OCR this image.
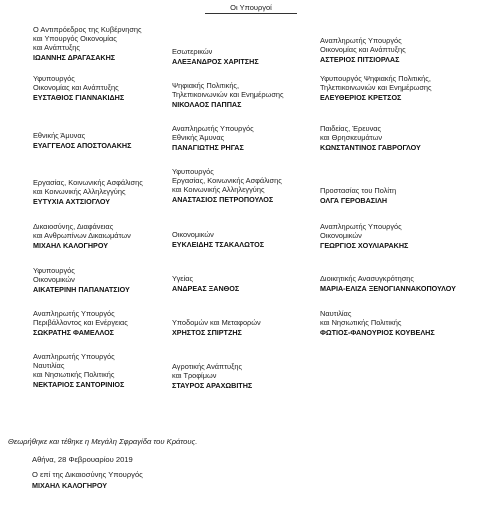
Οι Υπουργοί
Ο Αντιπρόεδρος της Κυβέρνησης
και Υπουργός Οικονομίας
και Ανάπτυξης
ΙΩΑΝΝΗΣ ΔΡΑΓΑΣΑΚΗΣ
Υφυπουργός
Οικονομίας και Ανάπτυξης
ΕΥΣΤΑΘΙΟΣ ΓΙΑΝΝΑΚΙΔΗΣ
Εθνικής Άμυνας
ΕΥΑΓΓΕΛΟΣ ΑΠΟΣΤΟΛΑΚΗΣ
Εργασίας, Κοινωνικής Ασφάλισης
και Κοινωνικής Αλληλεγγύης
ΕΥΤΥΧΙΑ ΑΧΤΣΙΟΓΛΟΥ
Δικαιοσύνης, Διαφάνειας
και Ανθρωπίνων Δικαιωμάτων
ΜΙΧΑΗΛ ΚΑΛΟΓΗΡΟΥ
Υφυπουργός
Οικονομικών
ΑΙΚΑΤΕΡΙΝΗ ΠΑΠΑΝΑΤΣΙΟΥ
Αναπληρωτής Υπουργός
Περιβάλλοντος και Ενέργειας
ΣΩΚΡΑΤΗΣ ΦΑΜΕΛΛΟΣ
Αναπληρωτής Υπουργός
Ναυτιλίας
και Νησιωτικής Πολιτικής
ΝΕΚΤΑΡΙΟΣ ΣΑΝΤΟΡΙΝΙΟΣ
Εσωτερικών
ΑΛΕΞΑΝΔΡΟΣ ΧΑΡΙΤΣΗΣ
Ψηφιακής Πολιτικής,
Τηλεπικοινωνιών και Ενημέρωσης
ΝΙΚΟΛΑΟΣ ΠΑΠΠΑΣ
Αναπληρωτής Υπουργός
Εθνικής Άμυνας
ΠΑΝΑΓΙΩΤΗΣ ΡΗΓΑΣ
Υφυπουργός
Εργασίας, Κοινωνικής Ασφάλισης
και Κοινωνικής Αλληλεγγύης
ΑΝΑΣΤΑΣΙΟΣ ΠΕΤΡΟΠΟΥΛΟΣ
Οικονομικών
ΕΥΚΛΕΙΔΗΣ ΤΣΑΚΑΛΩΤΟΣ
Υγείας
ΑΝΔΡΕΑΣ ΞΑΝΘΟΣ
Υποδομών και Μεταφορών
ΧΡΗΣΤΟΣ ΣΠΙΡΤΖΗΣ
Αγροτικής Ανάπτυξης
και Τροφίμων
ΣΤΑΥΡΟΣ ΑΡΑΧΩΒΙΤΗΣ
Αναπληρωτής Υπουργός
Οικονομίας και Ανάπτυξης
ΑΣΤΕΡΙΟΣ ΠΙΤΣΙΟΡΛΑΣ
Υφυπουργός Ψηφιακής Πολιτικής,
Τηλεπικοινωνιών και Ενημέρωσης
ΕΛΕΥΘΕΡΙΟΣ ΚΡΕΤΣΟΣ
Παιδείας, Έρευνας
και Θρησκευμάτων
ΚΩΝΣΤΑΝΤΙΝΟΣ ΓΑΒΡΟΓΛΟΥ
Προστασίας του Πολίτη
ΟΛΓΑ ΓΕΡΟΒΑΣΙΛΗ
Αναπληρωτής Υπουργός
Οικονομικών
ΓΕΩΡΓΙΟΣ ΧΟΥΛΙΑΡΑΚΗΣ
Διοικητικής Ανασυγκρότησης
ΜΑΡΙΑ-ΕΛΙΖΑ ΞΕΝΟΓΙΑΝΝΑΚΟΠΟΥΛΟΥ
Ναυτιλίας
και Νησιωτικής Πολιτικής
ΦΩΤΙΟΣ-ΦΑΝΟΥΡΙΟΣ ΚΟΥΒΕΛΗΣ
Θεωρήθηκε και τέθηκε η Μεγάλη Σφραγίδα του Κράτους.
Αθήνα, 28 Φεβρουαρίου 2019
Ο επί της Δικαιοσύνης Υπουργός
ΜΙΧΑΗΛ ΚΑΛΟΓΗΡΟΥ
